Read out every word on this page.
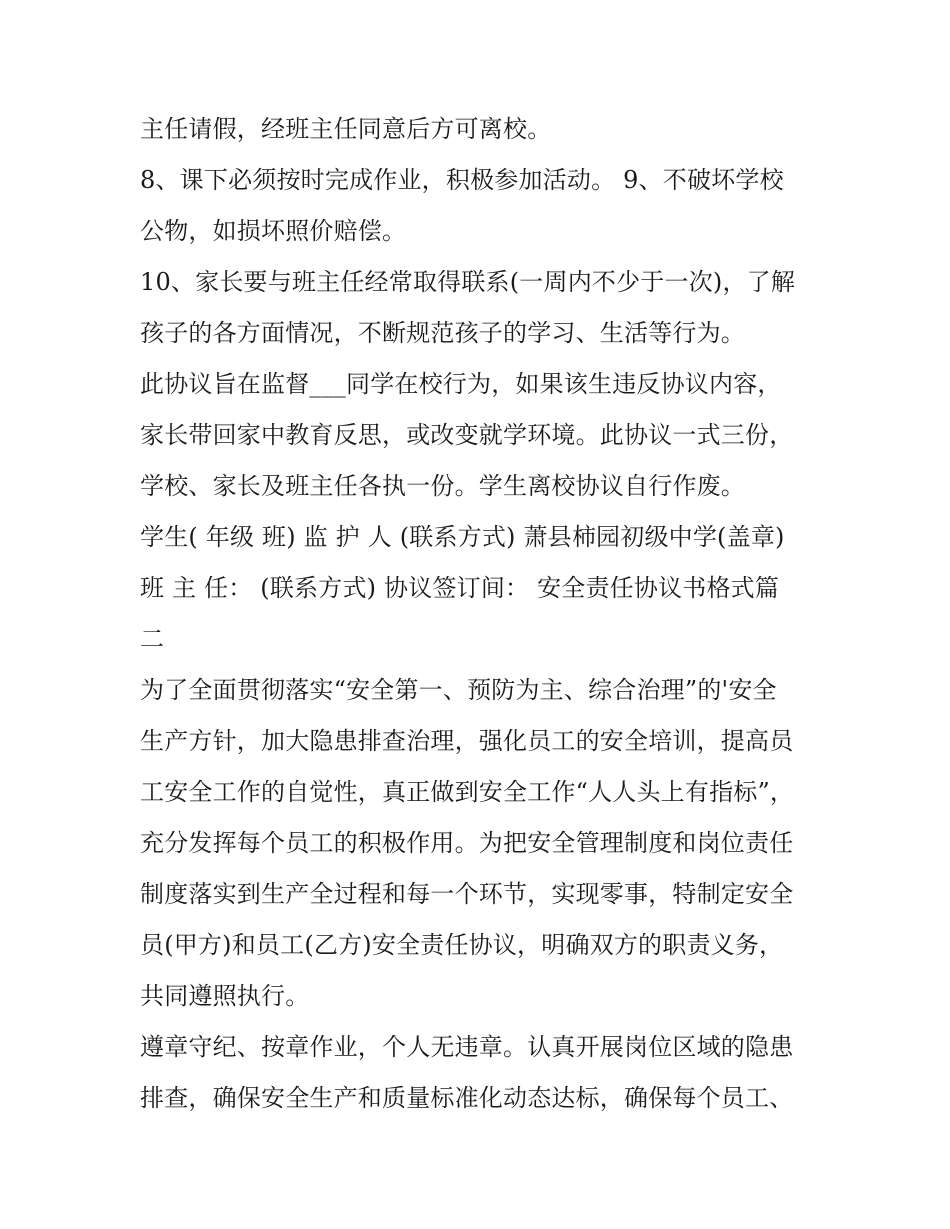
主任请假，经班主任同意后方可离校。
8、课下必须按时完成作业，积极参加活动。 9、不破坏学校
公物，如损坏照价赔偿。
10、家长要与班主任经常取得联系(一周内不少于一次)，了解
孩子的各方面情况，不断规范孩子的学习、生活等行为。
此协议旨在监督___同学在校行为，如果该生违反协议内容，
家长带回家中教育反思，或改变就学环境。此协议一式三份，
学校、家长及班主任各执一份。学生离校协议自行作废。
学生( 年级 班) 监 护 人 (联系方式) 萧县柿园初级中学(盖章)
班 主 任： (联系方式) 协议签订间： 安全责任协议书格式篇
二
为了全面贯彻落实“安全第一、预防为主、综合治理”的'安全
生产方针，加大隐患排查治理，强化员工的安全培训，提高员
工安全工作的自觉性，真正做到安全工作“人人头上有指标”，
充分发挥每个员工的积极作用。为把安全管理制度和岗位责任
制度落实到生产全过程和每一个环节，实现零事，特制定安全
员(甲方)和员工(乙方)安全责任协议，明确双方的职责义务，
共同遵照执行。
遵章守纪、按章作业，个人无违章。认真开展岗位区域的隐患
排查，确保安全生产和质量标准化动态达标，确保每个员工、
